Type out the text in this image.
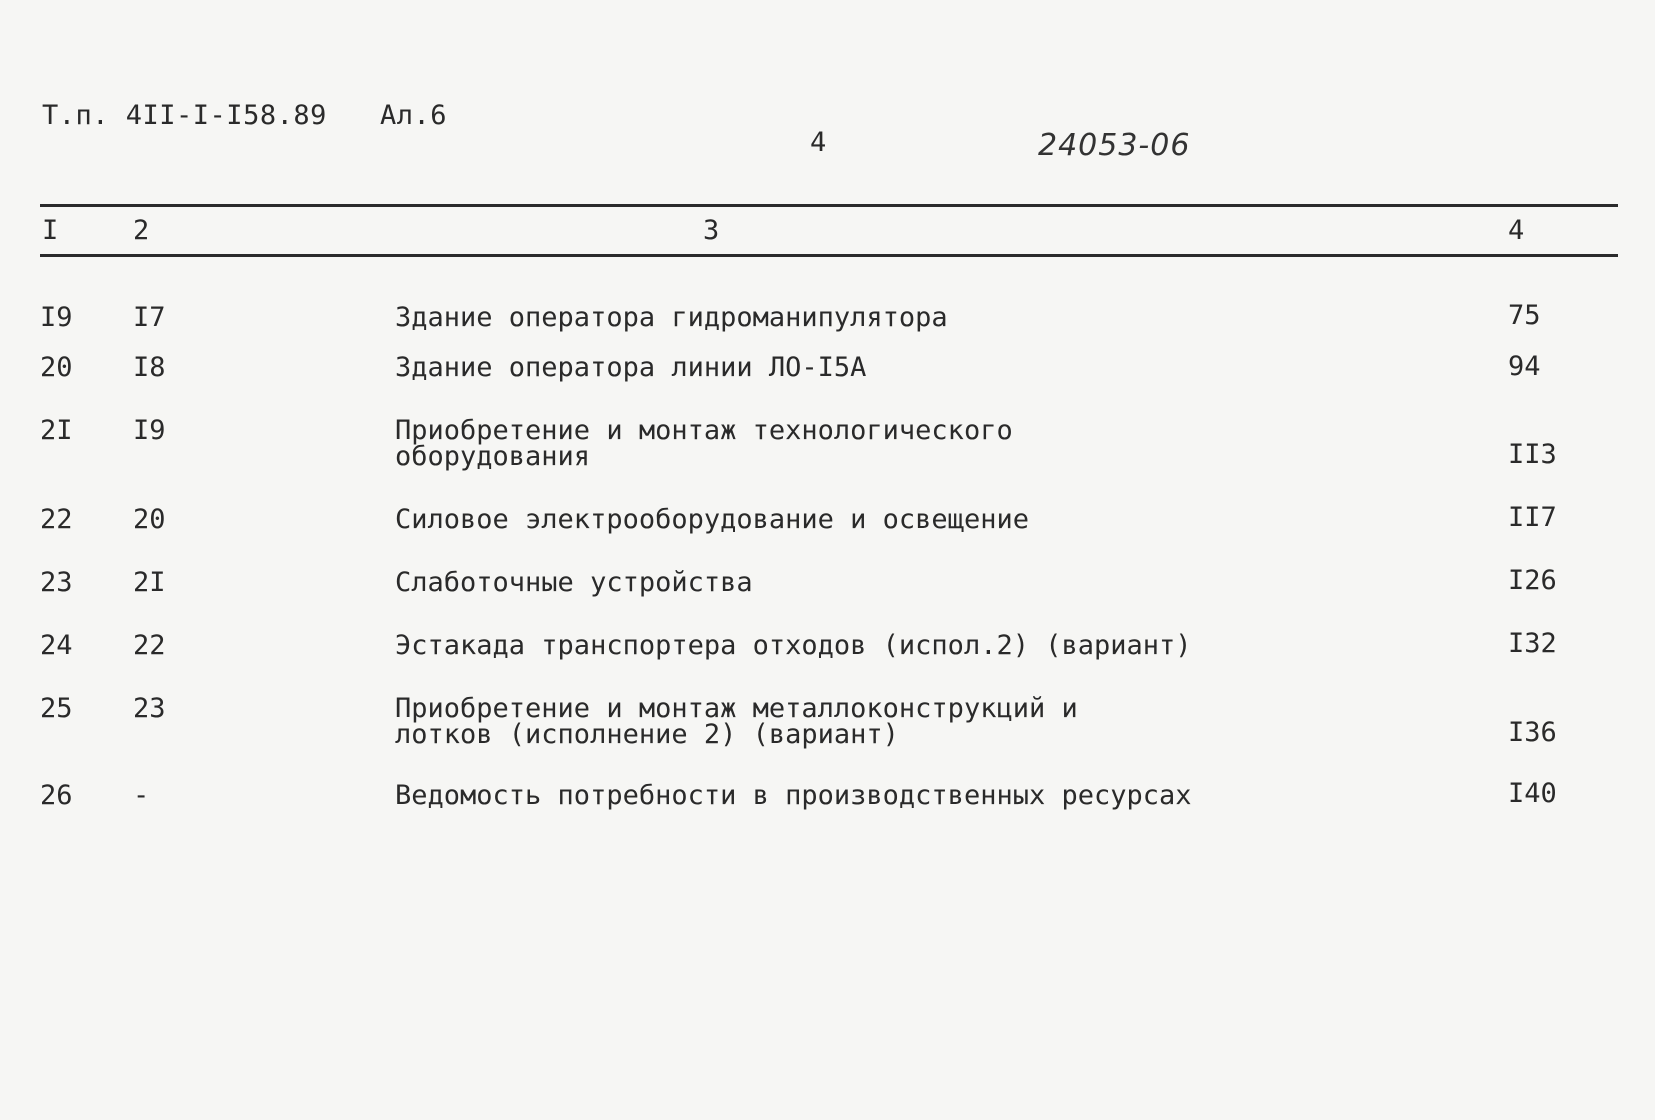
Т.п. 4II-I-I58.89 Ал.6
4	24053-06
I	2	3	4
I9 I7	Здание оператора гидроманипулятора	75
20 I8	Здание оператора линии ЛО-I5А	94
2I I9	Приобретение и монтаж технологического оборудования	II3
22 20	Силовое электрооборудование и освещение	II7
23 2I	Слаботочные устройства	I26
24 22	Эстакада транспортера отходов (испол.2) (вариант)	I32
25 23	Приобретение и монтаж металлоконструкций и лотков (исполнение 2) (вариант)	I36
26 -	Ведомость потребности в производственных ресурсах	I40
